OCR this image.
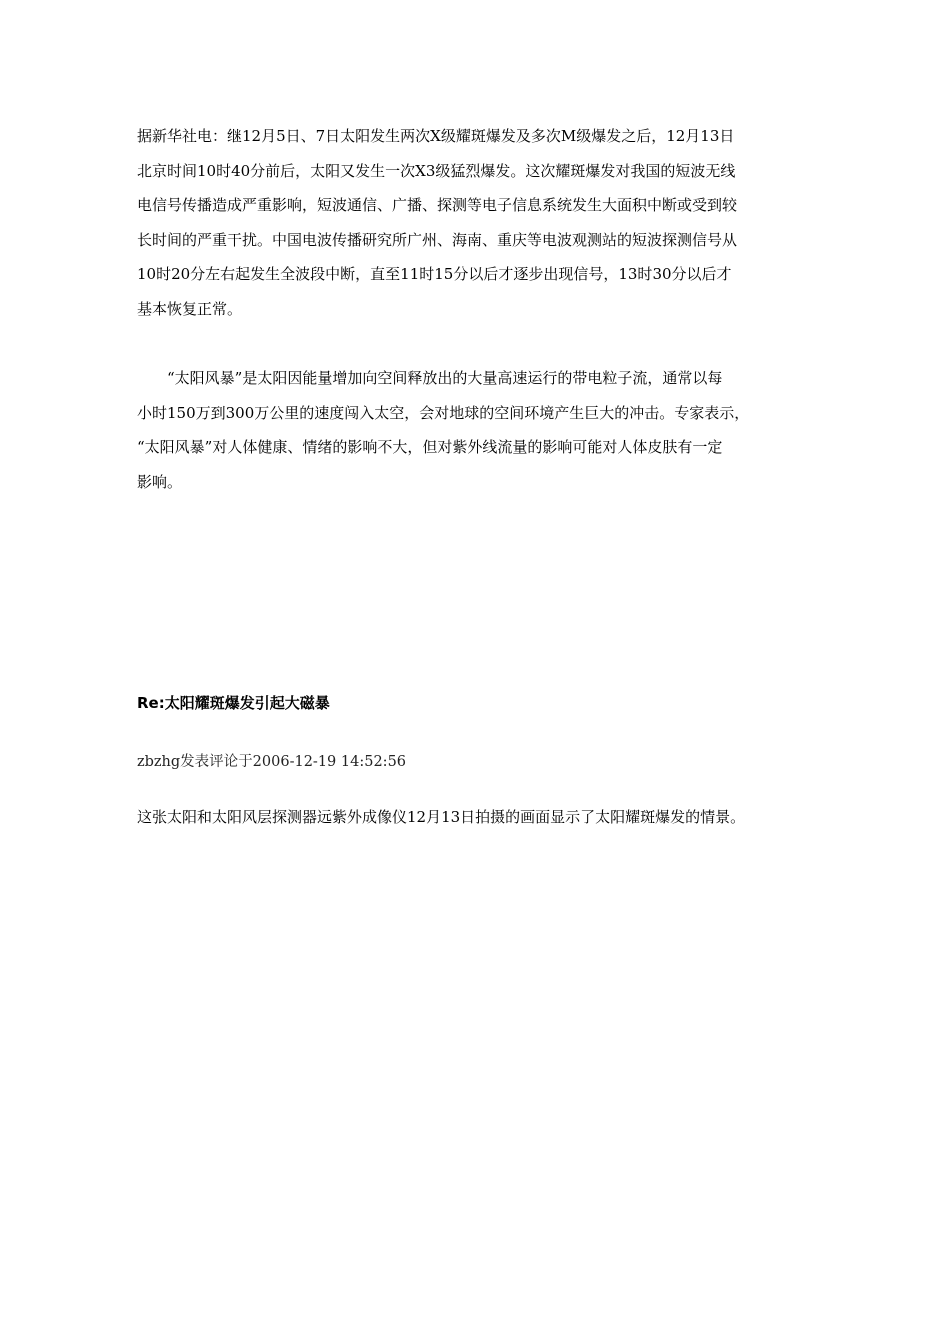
据新华社电：继12月5日、7日太阳发生两次X级耀斑爆发及多次M级爆发之后，12月13日
北京时间10时40分前后，太阳又发生一次X3级猛烈爆发。这次耀斑爆发对我国的短波无线
电信号传播造成严重影响，短波通信、广播、探测等电子信息系统发生大面积中断或受到较
长时间的严重干扰。中国电波传播研究所广州、海南、重庆等电波观测站的短波探测信号从
10时20分左右起发生全波段中断，直至11时15分以后才逐步出现信号，13时30分以后才
基本恢复正常。
“太阳风暴”是太阳因能量增加向空间释放出的大量高速运行的带电粒子流，通常以每
小时150万到300万公里的速度闯入太空，会对地球的空间环境产生巨大的冲击。专家表示，
“太阳风暴”对人体健康、情绪的影响不大，但对紫外线流量的影响可能对人体皮肤有一定
影响。
Re:太阳耀斑爆发引起大磁暴
zbzhg发表评论于2006-12-19 14:52:56
这张太阳和太阳风层探测器远紫外成像仪12月13日拍摄的画面显示了太阳耀斑爆发的情景。
